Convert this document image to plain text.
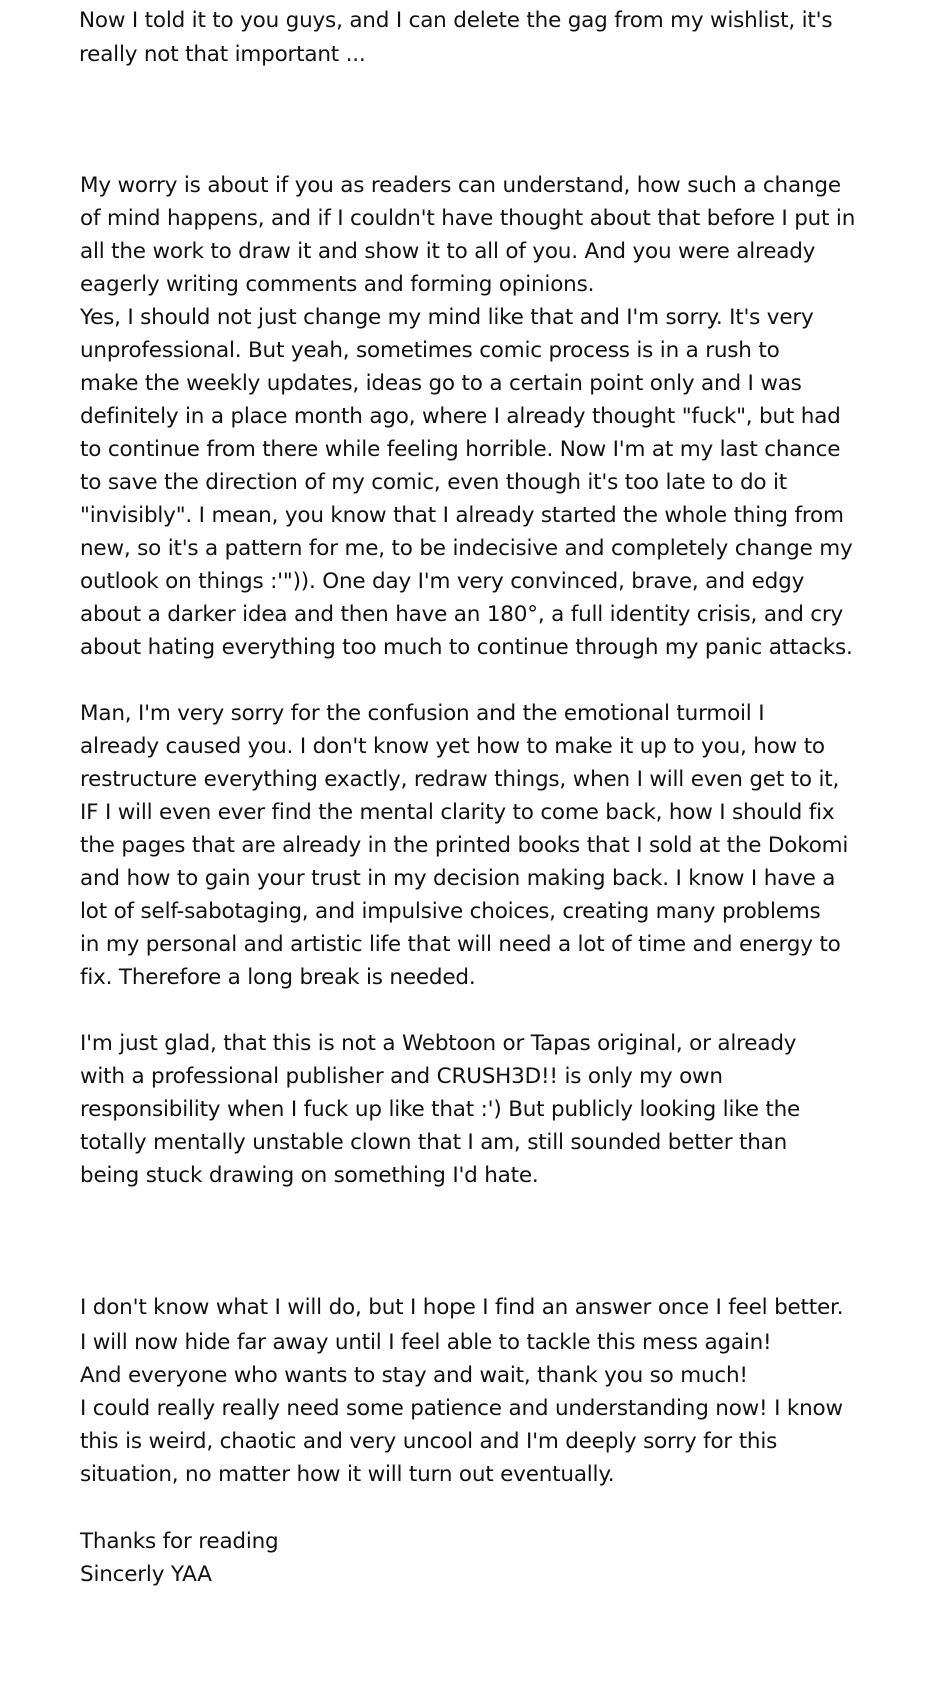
Now I told it to you guys, and I can delete the gag from my wishlist, it's

really not that important ...

My worry is about if you as readers can understand, how such a change

of mind happens, and if I couldn't have thought about that before I put in

all the work to draw it and show it to all of you. And you were already

eagerly writing comments and forming opinions.

Yes, I should not just change my mind like that and I'm sorry. It's very

unprofessional. But yeah, sometimes comic process is in a rush to

make the weekly updates, ideas go to a certain point only and I was

definitely in a place month ago, where I already thought "fuck", but had

to continue from there while feeling horrible. Now I'm at my last chance

to save the direction of my comic, even though it's too late to do it

"invisibly". I mean, you know that I already started the whole thing from

new, so it's a pattern for me, to be indecisive and completely change my

outlook on things :'")). One day I'm very convinced, brave, and edgy

about a darker idea and then have an 180°, a full identity crisis, and cry

about hating everything too much to continue through my panic attacks.

Man, I'm very sorry for the confusion and the emotional turmoil I

already caused you. I don't know yet how to make it up to you, how to

restructure everything exactly, redraw things, when I will even get to it,

IF I will even ever find the mental clarity to come back, how I should fix

the pages that are already in the printed books that I sold at the Dokomi

and how to gain your trust in my decision making back. I know I have a

lot of self-sabotaging, and impulsive choices, creating many problems

in my personal and artistic life that will need a lot of time and energy to

fix. Therefore a long break is needed.

I'm just glad, that this is not a Webtoon or Tapas original, or already

with a professional publisher and CRUSH3D!! is only my own

responsibility when I fuck up like that :') But publicly looking like the

totally mentally unstable clown that I am, still sounded better than

being stuck drawing on something I'd hate.

I don't know what I will do, but I hope I find an answer once I feel better.

I will now hide far away until I feel able to tackle this mess again!

And everyone who wants to stay and wait, thank you so much!

I could really really need some patience and understanding now! I know

this is weird, chaotic and very uncool and I'm deeply sorry for this

situation, no matter how it will turn out eventually.

Thanks for reading

Sincerly YAA
